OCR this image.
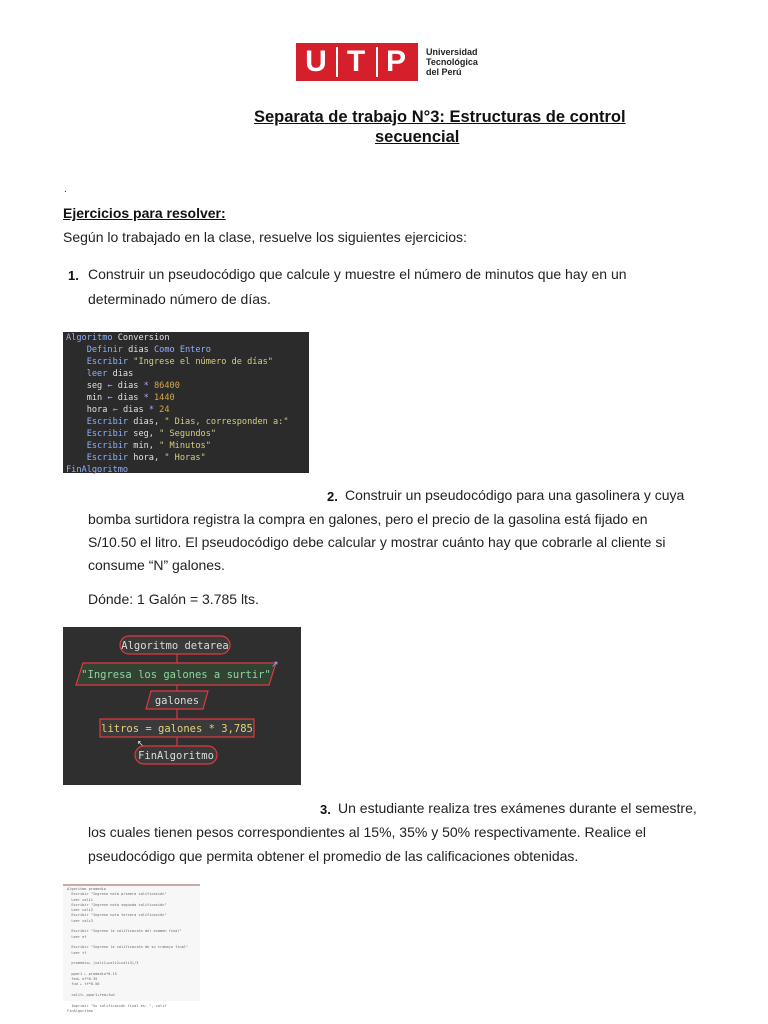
U T P	Universidad
Tecnológica
del Perú
Separata de trabajo N°3: Estructuras de control
secuencial
.
Ejercicios para resolver:
Según lo trabajado en la clase, resuelve los siguientes ejercicios:
1. Construir un pseudocódigo que calcule y muestre el número de minutos que hay en un
determinado número de días.
Algoritmo Conversion
Definir dias Como Entero
Escribir "Ingrese el número de días"
leer dias
seg ← dias * 86400
min ← dias * 1440
hora ← dias * 24
Escribir dias, " Dias, corresponden a:"
Escribir seg, " Segundos"
Escribir min, " Minutos"
Escribir hora, " Horas"
FinAlgoritmo
2. Construir un pseudocódigo para una gasolinera y cuya
bomba surtidora registra la compra en galones, pero el precio de la gasolina está fijado en
S/10.50 el litro. El pseudocódigo debe calcular y mostrar cuánto hay que cobrarle al cliente si
consume “N” galones.
Dónde: 1 Galón = 3.785 lts.
Algoritmo detarea
"Ingresa los galones a surtir"
↗
galones
litros = galones * 3,785
FinAlgoritmo
↖
3. Un estudiante realiza tres exámenes durante el semestre,
los cuales tienen pesos correspondientes al 15%, 35% y 50% respectivamente. Realice el
pseudocódigo que permita obtener el promedio de las calificaciones obtenidas.
Algoritmo promedio
Escribir "Ingrese nota primera calificación"
Leer cali1
Escribir "Ingrese nota segunda calificación"
Leer cali2
Escribir "Ingrese nota tercera calificación"
Leer cali3
Escribir "Ingrese la calificación del examen final"
Leer ef
Escribir "Ingrese la calificación de su trabajo final"
Leer tf
promedio← (cali1+cali2+cali3)/3
ppar1 ← promedio*0.15
fed← ef*0.35
fud ← tf*0.50
calif← ppar1+fed+fud
Imprimir "Su calificación final es: ", calif
FinAlgoritmo
